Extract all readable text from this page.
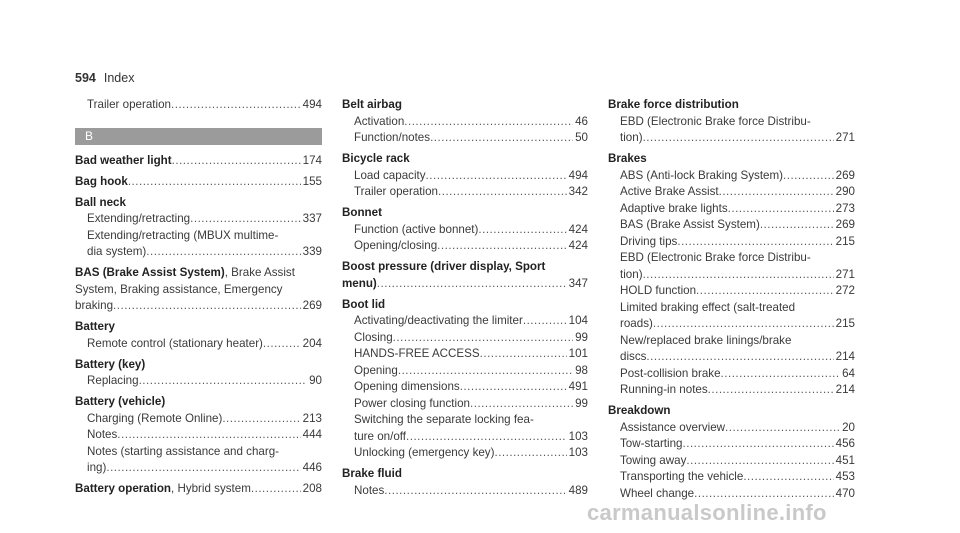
594 Index
Trailer operation .....	494
B
Bad weather light .....	174
Bag hook .....	155
Ball neck
Extending/retracting .....	337
Extending/retracting (MBUX multime-
dia system) .....	339
BAS (Brake Assist System), Brake Assist
System, Braking assistance, Emergency
braking .....	269
Battery
Remote control (stationary heater) .....	204
Battery (key)
Replacing .....	90
Battery (vehicle)
Charging (Remote Online) .....	213
Notes .....	444
Notes (starting assistance and charg-
ing) .....	446
Battery operation, Hybrid system .....	208
Belt airbag
Activation .....	46
Function/notes .....	50
Bicycle rack
Load capacity .....	494
Trailer operation .....	342
Bonnet
Function (active bonnet) .....	424
Opening/closing .....	424
Boost pressure (driver display, Sport
menu) .....	347
Boot lid
Activating/deactivating the limiter .....	104
Closing .....	99
HANDS-FREE ACCESS .....	101
Opening .....	98
Opening dimensions .....	491
Power closing function .....	99
Switching the separate locking fea-
ture on/off .....	103
Unlocking (emergency key) .....	103
Brake fluid
Notes .....	489
Brake force distribution
EBD (Electronic Brake force Distribu-
tion) .....	271
Brakes
ABS (Anti-lock Braking System) .....	269
Active Brake Assist .....	290
Adaptive brake lights .....	273
BAS (Brake Assist System) .....	269
Driving tips .....	215
EBD (Electronic Brake force Distribu-
tion) .....	271
HOLD function .....	272
Limited braking effect (salt-treated
roads) .....	215
New/replaced brake linings/brake
discs .....	214
Post-collision brake .....	64
Running-in notes .....	214
Breakdown
Assistance overview .....	20
Tow-starting .....	456
Towing away .....	451
Transporting the vehicle .....	453
Wheel change .....	470
carmanualsonline.info
